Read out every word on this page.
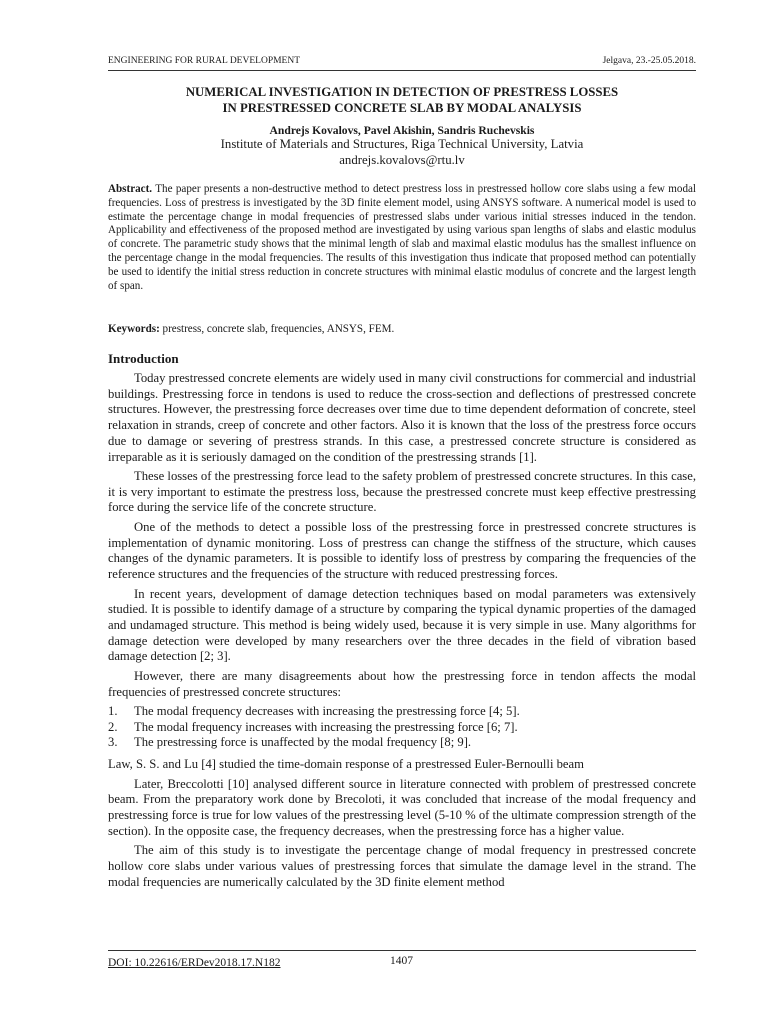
ENGINEERING FOR RURAL DEVELOPMENT	Jelgava, 23.-25.05.2018.
NUMERICAL INVESTIGATION IN DETECTION OF PRESTRESS LOSSES
IN PRESTRESSED CONCRETE SLAB BY MODAL ANALYSIS
Andrejs Kovalovs, Pavel Akishin, Sandris Ruchevskis
Institute of Materials and Structures, Riga Technical University, Latvia
andrejs.kovalovs@rtu.lv

Abstract. The paper presents a non-destructive method to detect prestress loss in prestressed hollow core slabs using a few modal frequencies. Loss of prestress is investigated by the 3D finite element model, using ANSYS software. A numerical model is used to estimate the percentage change in modal frequencies of prestressed slabs under various initial stresses induced in the tendon. Applicability and effectiveness of the proposed method are investigated by using various span lengths of slabs and elastic modulus of concrete. The parametric study shows that the minimal length of slab and maximal elastic modulus has the smallest influence on the percentage change in the modal frequencies. The results of this investigation thus indicate that proposed method can potentially be used to identify the initial stress reduction in concrete structures with minimal elastic modulus of concrete and the largest length of span.

Keywords: prestress, concrete slab, frequencies, ANSYS, FEM.

Introduction

Today prestressed concrete elements are widely used in many civil constructions for commercial and industrial buildings. Prestressing force in tendons is used to reduce the cross-section and deflections of prestressed concrete structures. However, the prestressing force decreases over time due to time dependent deformation of concrete, steel relaxation in strands, creep of concrete and other factors. Also it is known that the loss of the prestress force occurs due to damage or severing of prestress strands. In this case, a prestressed concrete structure is considered as irreparable as it is seriously damaged on the condition of the prestressing strands [1].

These losses of the prestressing force lead to the safety problem of prestressed concrete structures. In this case, it is very important to estimate the prestress loss, because the prestressed concrete must keep effective prestressing force during the service life of the concrete structure.

One of the methods to detect a possible loss of the prestressing force in prestressed concrete structures is implementation of dynamic monitoring. Loss of prestress can change the stiffness of the structure, which causes changes of the dynamic parameters. It is possible to identify loss of prestress by comparing the frequencies of the reference structures and the frequencies of the structure with reduced prestressing forces.

In recent years, development of damage detection techniques based on modal parameters was extensively studied. It is possible to identify damage of a structure by comparing the typical dynamic properties of the damaged and undamaged structure. This method is being widely used, because it is very simple in use. Many algorithms for damage detection were developed by many researchers over the three decades in the field of vibration based damage detection [2; 3].

However, there are many disagreements about how the prestressing force in tendon affects the modal frequencies of prestressed concrete structures:

1.	The modal frequency decreases with increasing the prestressing force [4; 5].
2.	The modal frequency increases with increasing the prestressing force [6; 7].
3.	The prestressing force is unaffected by the modal frequency [8; 9].

Law, S. S. and Lu [4] studied the time-domain response of a prestressed Euler-Bernoulli beam

Later, Breccolotti [10] analysed different source in literature connected with problem of prestressed concrete beam. From the preparatory work done by Brecoloti, it was concluded that increase of the modal frequency and prestressing force is true for low values of the prestressing level (5-10 % of the ultimate compression strength of the section). In the opposite case, the frequency decreases, when the prestressing force has a higher value.

The aim of this study is to investigate the percentage change of modal frequency in prestressed concrete hollow core slabs under various values of prestressing forces that simulate the damage level in the strand. The modal frequencies are numerically calculated by the 3D finite element method

DOI: 10.22616/ERDev2018.17.N182	1407
